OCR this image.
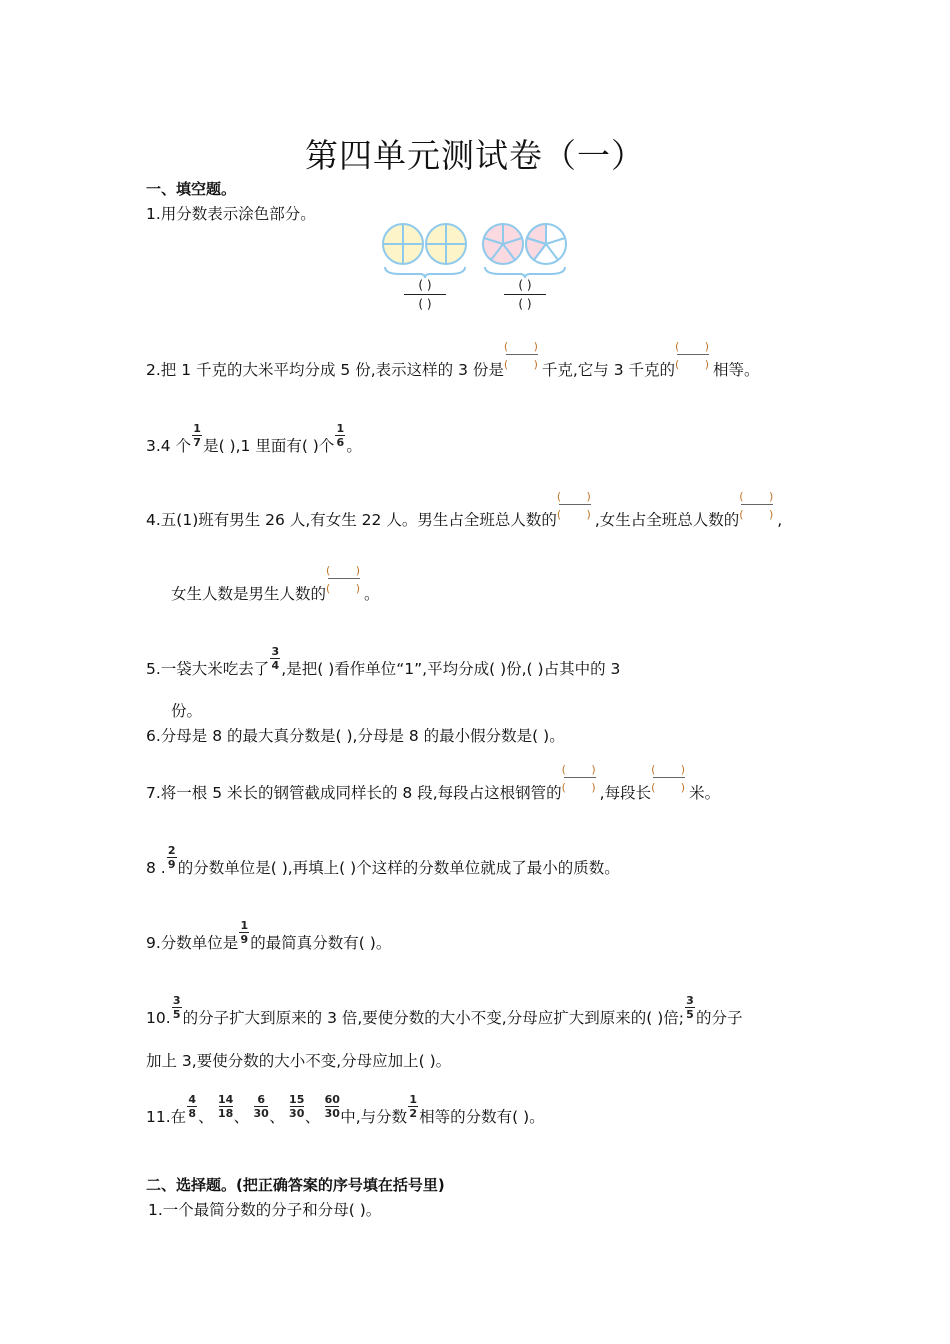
第四单元测试卷（一）
一、填空题。
1.用分数表示涂色部分。
( )
( )
( )
( )
2.把 1 千克的大米平均分成 5 份,表示这样的 3 份是
( )
( ) 千克,它与 3 千克的
( )
( ) 相等。
3.4 个
1
7 是( ),1 里面有( )个
1
6 。
4.五(1)班有男生 26 人,有女生 22 人。男生占全班总人数的
( )
( ) ,女生占全班总人数的
( )
( ) ,
女生人数是男生人数的
( )
( ) 。
5.一袋大米吃去了
3
4 ,是把( )看作单位“1”,平均分成( )份,( )占其中的 3
份。
6.分母是 8 的最大真分数是( ),分母是 8 的最小假分数是( )。
7.将一根 5 米长的钢管截成同样长的 8 段,每段占这根钢管的
( )
( ) ,每段长
( )
( ) 米。
8 .
2
9 的分数单位是( ),再填上( )个这样的分数单位就成了最小的质数。
9.分数单位是
1
9 的最简真分数有( )。
10.
3
5 的分子扩大到原来的 3 倍,要使分数的大小不变,分母应扩大到原来的( )倍;
3
5 的分子
加上 3,要使分数的大小不变,分母应加上( )。
11.在
4
8 、
14
18 、
6
30 、
15
30 、
60
30 中,与分数
1
2 相等的分数有( )。
二、选择题。(把正确答案的序号填在括号里)
1.一个最简分数的分子和分母( )。
